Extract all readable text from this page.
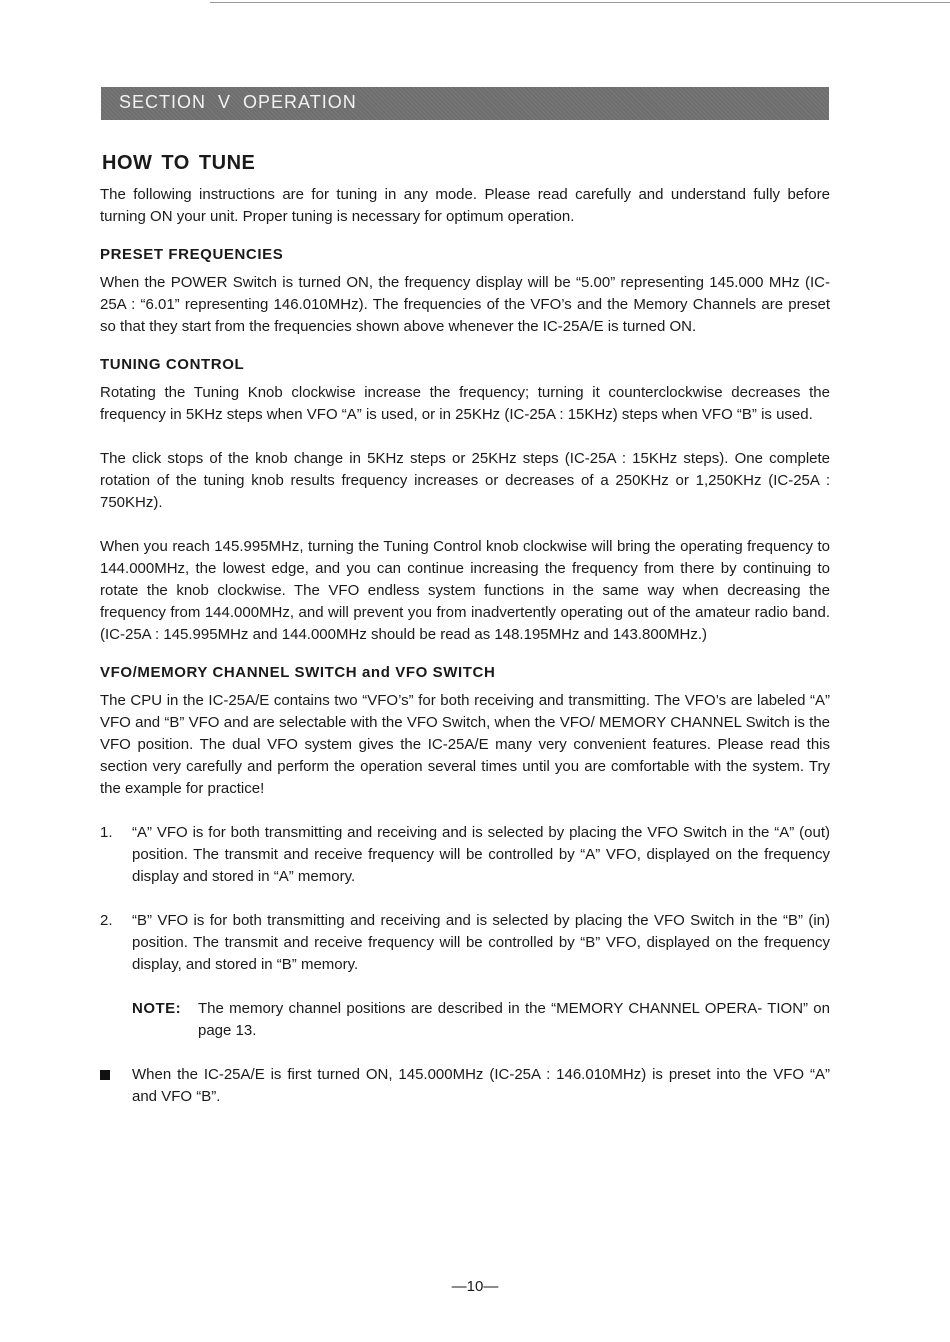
SECTION V OPERATION
HOW TO TUNE

The following instructions are for tuning in any mode. Please read carefully and understand fully before turning ON your unit. Proper tuning is necessary for optimum operation.

PRESET FREQUENCIES

When the POWER Switch is turned ON, the frequency display will be “5.00” representing 145.000 MHz (IC-25A : “6.01” representing 146.010MHz). The frequencies of the VFO’s and the Memory Channels are preset so that they start from the frequencies shown above whenever the IC-25A/E is turned ON.

TUNING CONTROL

Rotating the Tuning Knob clockwise increase the frequency; turning it counterclockwise decreases the frequency in 5KHz steps when VFO “A” is used, or in 25KHz (IC-25A : 15KHz) steps when VFO “B” is used.

The click stops of the knob change in 5KHz steps or 25KHz steps (IC-25A : 15KHz steps). One complete rotation of the tuning knob results frequency increases or decreases of a 250KHz or 1,250KHz (IC-25A : 750KHz).

When you reach 145.995MHz, turning the Tuning Control knob clockwise will bring the operating frequency to 144.000MHz, the lowest edge, and you can continue increasing the frequency from there by continuing to rotate the knob clockwise. The VFO endless system functions in the same way when decreasing the frequency from 144.000MHz, and will prevent you from inadvertently operating out of the amateur radio band. (IC-25A : 145.995MHz and 144.000MHz should be read as 148.195MHz and 143.800MHz.)

VFO/MEMORY CHANNEL SWITCH and VFO SWITCH

The CPU in the IC-25A/E contains two “VFO’s” for both receiving and transmitting. The VFO’s are labeled “A” VFO and “B” VFO and are selectable with the VFO Switch, when the VFO/ MEMORY CHANNEL Switch is the VFO position. The dual VFO system gives the IC-25A/E many very convenient features. Please read this section very carefully and perform the operation several times until you are comfortable with the system. Try the example for practice!

1.	“A” VFO is for both transmitting and receiving and is selected by placing the VFO Switch in the “A” (out) position. The transmit and receive frequency will be controlled by “A” VFO, displayed on the frequency display and stored in “A” memory.
2.	“B” VFO is for both transmitting and receiving and is selected by placing the VFO Switch in the “B” (in) position. The transmit and receive frequency will be controlled by “B” VFO, displayed on the frequency display, and stored in “B” memory.
NOTE:	The memory channel positions are described in the “MEMORY CHANNEL OPERA- TION” on page 13.
When the IC-25A/E is first turned ON, 145.000MHz (IC-25A : 146.010MHz) is preset into the VFO “A” and VFO “B”.
—10—
